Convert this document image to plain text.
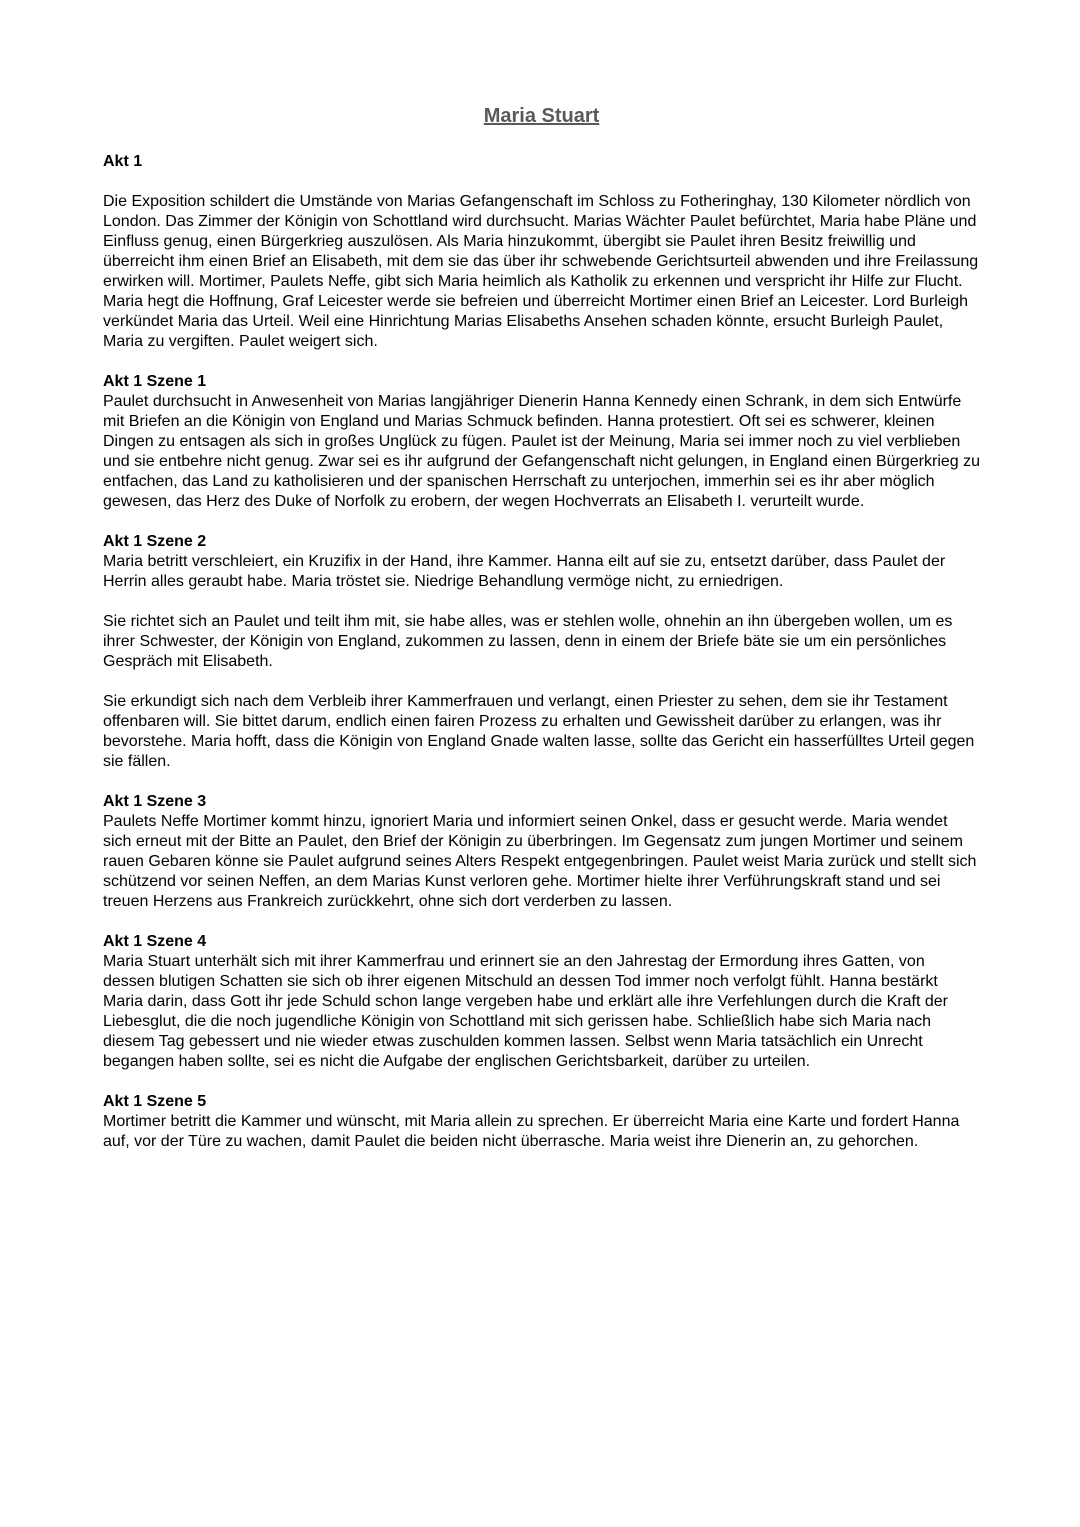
Maria Stuart

Akt 1

Die Exposition schildert die Umstände von Marias Gefangenschaft im Schloss zu Fotheringhay, 130 Kilometer nördlich von London. Das Zimmer der Königin von Schottland wird durchsucht. Marias Wächter Paulet befürchtet, Maria habe Pläne und Einfluss genug, einen Bürgerkrieg auszulösen. Als Maria hinzukommt, übergibt sie Paulet ihren Besitz freiwillig und überreicht ihm einen Brief an Elisabeth, mit dem sie das über ihr schwebende Gerichtsurteil abwenden und ihre Freilassung erwirken will. Mortimer, Paulets Neffe, gibt sich Maria heimlich als Katholik zu erkennen und verspricht ihr Hilfe zur Flucht. Maria hegt die Hoffnung, Graf Leicester werde sie befreien und überreicht Mortimer einen Brief an Leicester. Lord Burleigh verkündet Maria das Urteil. Weil eine Hinrichtung Marias Elisabeths Ansehen schaden könnte, ersucht Burleigh Paulet, Maria zu vergiften. Paulet weigert sich.

Akt 1 Szene 1

Paulet durchsucht in Anwesenheit von Marias langjähriger Dienerin Hanna Kennedy einen Schrank, in dem sich Entwürfe mit Briefen an die Königin von England und Marias Schmuck befinden. Hanna protestiert. Oft sei es schwerer, kleinen Dingen zu entsagen als sich in großes Unglück zu fügen. Paulet ist der Meinung, Maria sei immer noch zu viel verblieben und sie entbehre nicht genug. Zwar sei es ihr aufgrund der Gefangenschaft nicht gelungen, in England einen Bürgerkrieg zu entfachen, das Land zu katholisieren und der spanischen Herrschaft zu unterjochen, immerhin sei es ihr aber möglich gewesen, das Herz des Duke of Norfolk zu erobern, der wegen Hochverrats an Elisabeth I. verurteilt wurde.

Akt 1 Szene 2

Maria betritt verschleiert, ein Kruzifix in der Hand, ihre Kammer. Hanna eilt auf sie zu, entsetzt darüber, dass Paulet der Herrin alles geraubt habe. Maria tröstet sie. Niedrige Behandlung vermöge nicht, zu erniedrigen.

Sie richtet sich an Paulet und teilt ihm mit, sie habe alles, was er stehlen wolle, ohnehin an ihn übergeben wollen, um es ihrer Schwester, der Königin von England, zukommen zu lassen, denn in einem der Briefe bäte sie um ein persönliches Gespräch mit Elisabeth.

Sie erkundigt sich nach dem Verbleib ihrer Kammerfrauen und verlangt, einen Priester zu sehen, dem sie ihr Testament offenbaren will. Sie bittet darum, endlich einen fairen Prozess zu erhalten und Gewissheit darüber zu erlangen, was ihr bevorstehe. Maria hofft, dass die Königin von England Gnade walten lasse, sollte das Gericht ein hasserfülltes Urteil gegen sie fällen.

Akt 1 Szene 3

Paulets Neffe Mortimer kommt hinzu, ignoriert Maria und informiert seinen Onkel, dass er gesucht werde. Maria wendet sich erneut mit der Bitte an Paulet, den Brief der Königin zu überbringen. Im Gegensatz zum jungen Mortimer und seinem rauen Gebaren könne sie Paulet aufgrund seines Alters Respekt entgegenbringen. Paulet weist Maria zurück und stellt sich schützend vor seinen Neffen, an dem Marias Kunst verloren gehe. Mortimer hielte ihrer Verführungskraft stand und sei treuen Herzens aus Frankreich zurückkehrt, ohne sich dort verderben zu lassen.

Akt 1 Szene 4

Maria Stuart unterhält sich mit ihrer Kammerfrau und erinnert sie an den Jahrestag der Ermordung ihres Gatten, von dessen blutigen Schatten sie sich ob ihrer eigenen Mitschuld an dessen Tod immer noch verfolgt fühlt. Hanna bestärkt Maria darin, dass Gott ihr jede Schuld schon lange vergeben habe und erklärt alle ihre Verfehlungen durch die Kraft der Liebesglut, die die noch jugendliche Königin von Schottland mit sich gerissen habe. Schließlich habe sich Maria nach diesem Tag gebessert und nie wieder etwas zuschulden kommen lassen. Selbst wenn Maria tatsächlich ein Unrecht begangen haben sollte, sei es nicht die Aufgabe der englischen Gerichtsbarkeit, darüber zu urteilen.

Akt 1 Szene 5

Mortimer betritt die Kammer und wünscht, mit Maria allein zu sprechen. Er überreicht Maria eine Karte und fordert Hanna auf, vor der Türe zu wachen, damit Paulet die beiden nicht überrasche. Maria weist ihre Dienerin an, zu gehorchen.
